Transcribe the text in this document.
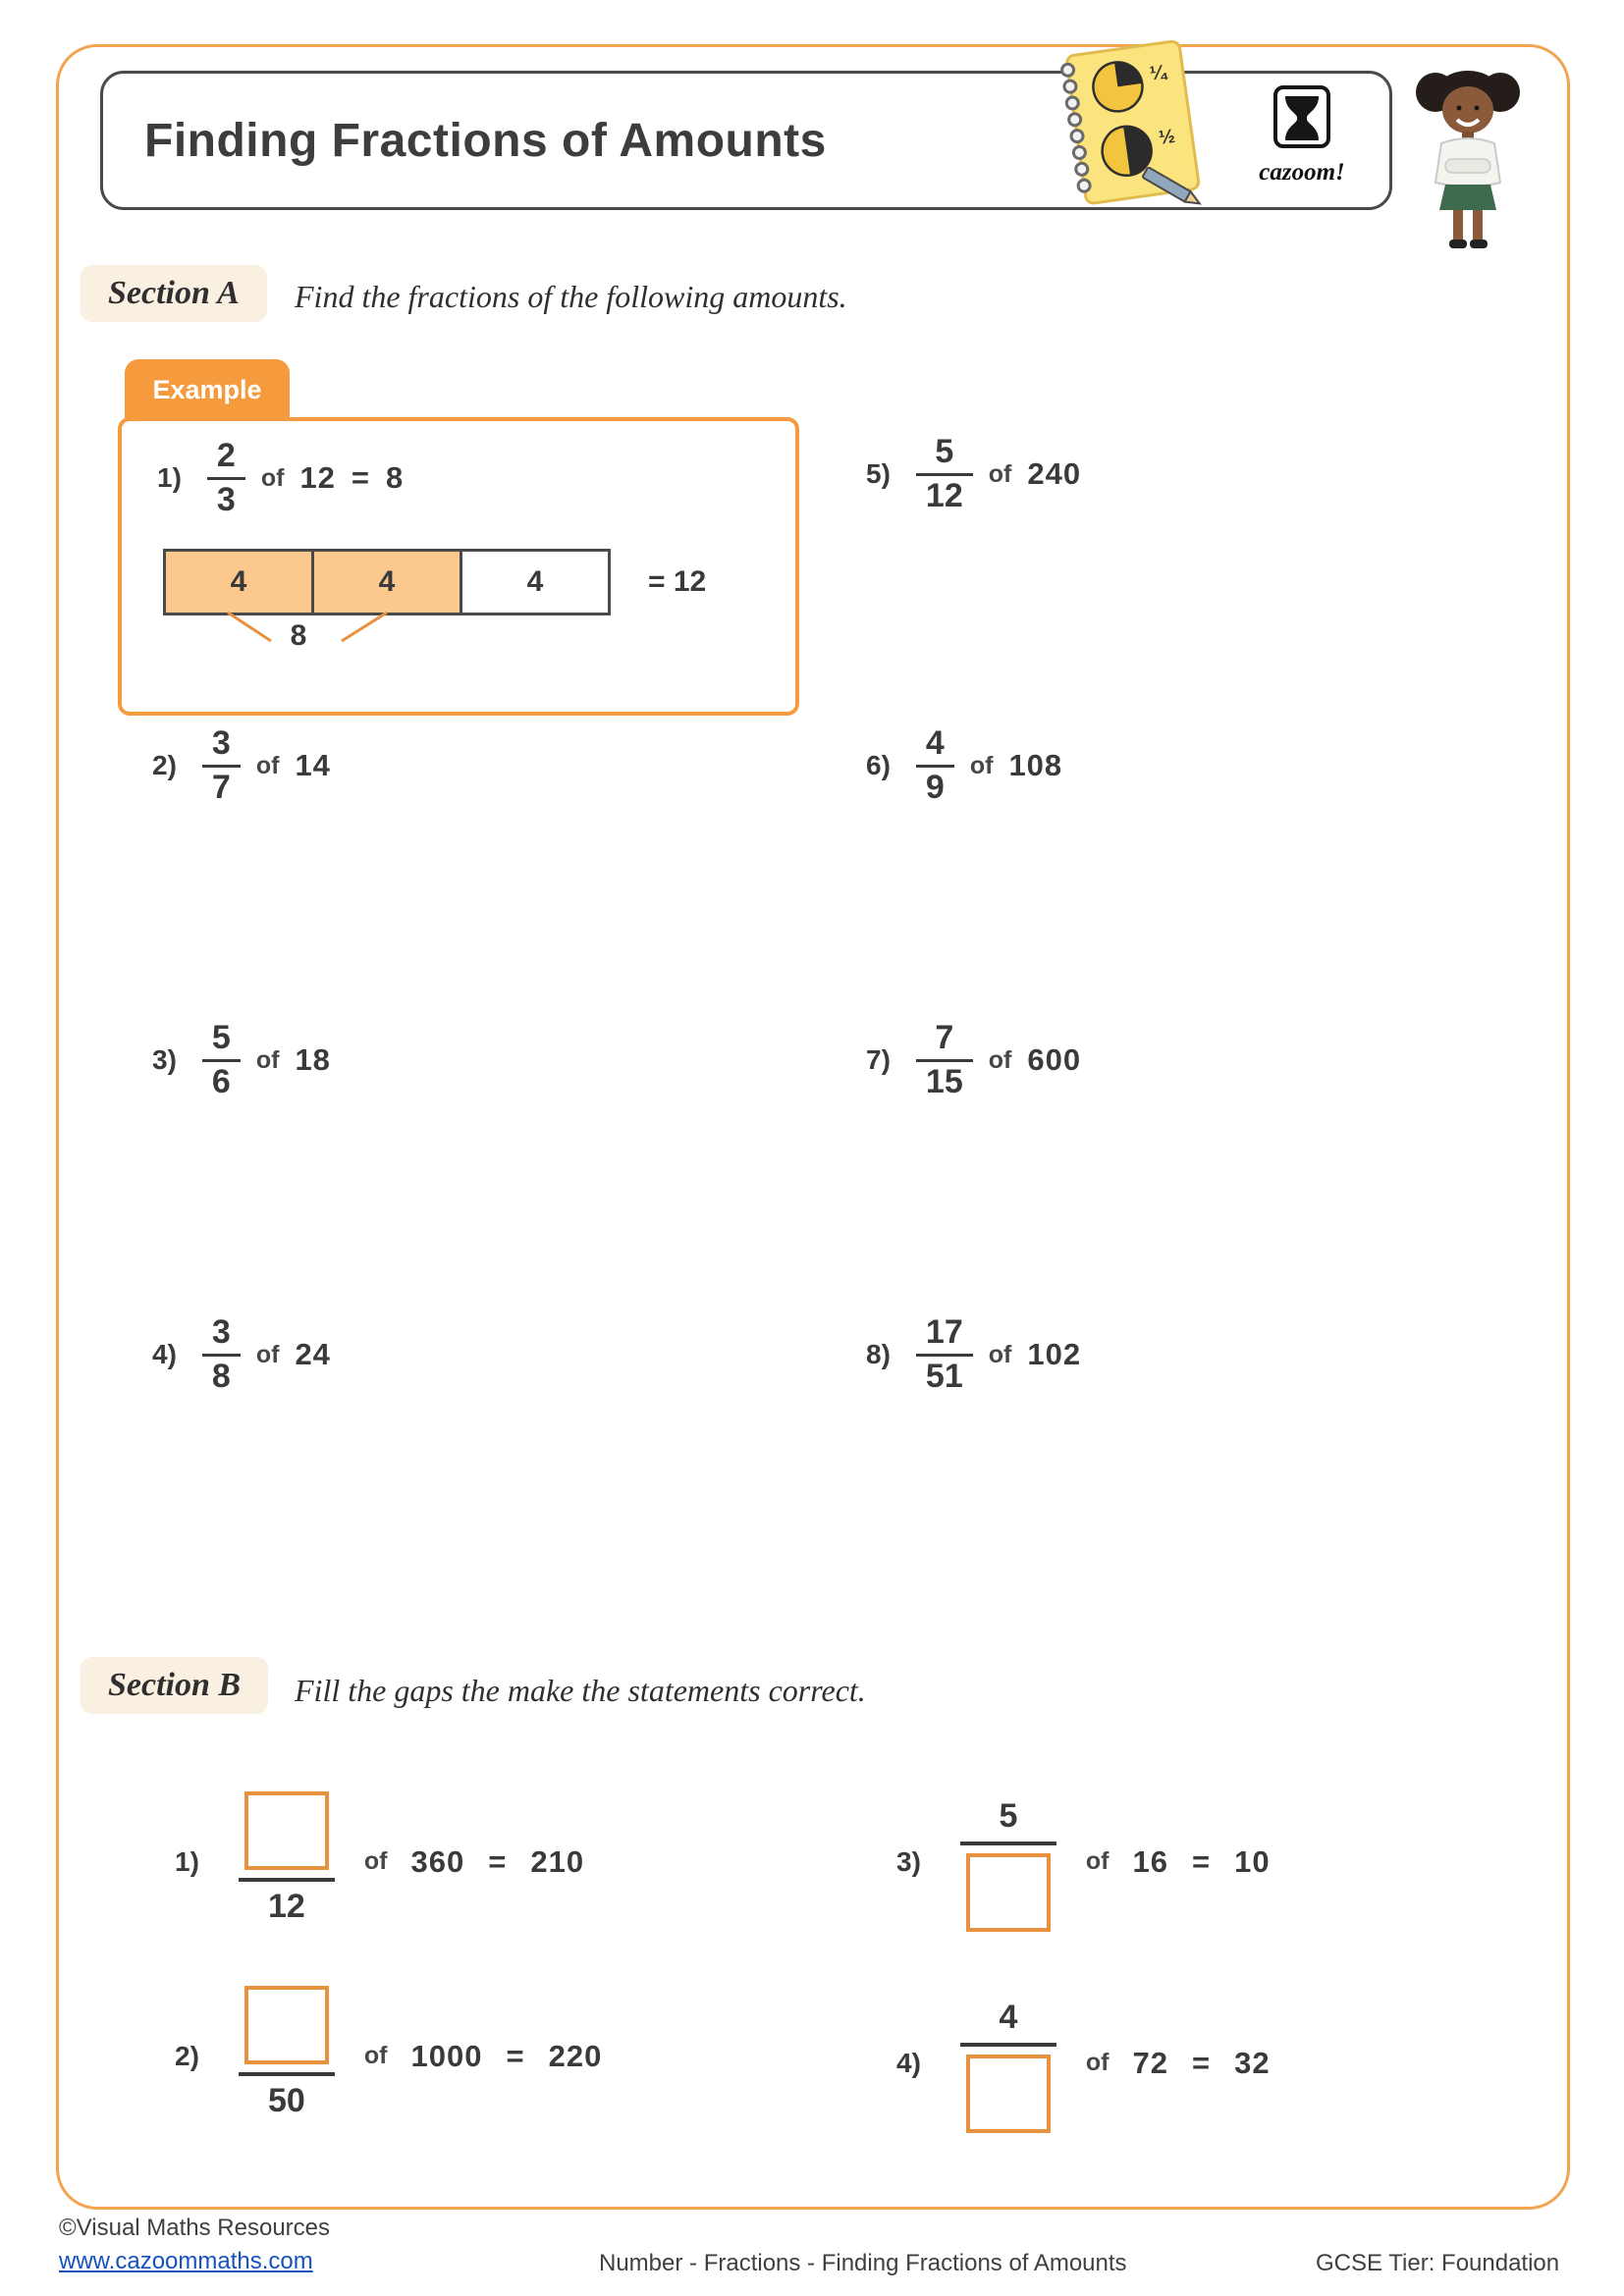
Finding Fractions of Amounts
¼
½
cazoom!
Section A	Find the fractions of the following amounts.
Example
$1) \frac{2}{3}$ of 12 = 8
4	4	4	= 12
8
$2) \frac{3}{7}$ of 14
$3) \frac{5}{6}$ of 18
$4) \frac{3}{8}$ of 24
$5) \frac{5}{12}$ of 240
$6) \frac{4}{9}$ of 108
$7) \frac{7}{15}$ of 600
$8) \frac{17}{51}$ of 102
Section B	Fill the gaps the make the statements correct.
1)
12
of 360 = 210
2)
50
of 1000 = 220
3)
5
of 16 = 10
4)
4
of 72 = 32
©Visual Maths Resources
www.cazoommaths.com	Number - Fractions - Finding Fractions of Amounts	GCSE Tier: Foundation
